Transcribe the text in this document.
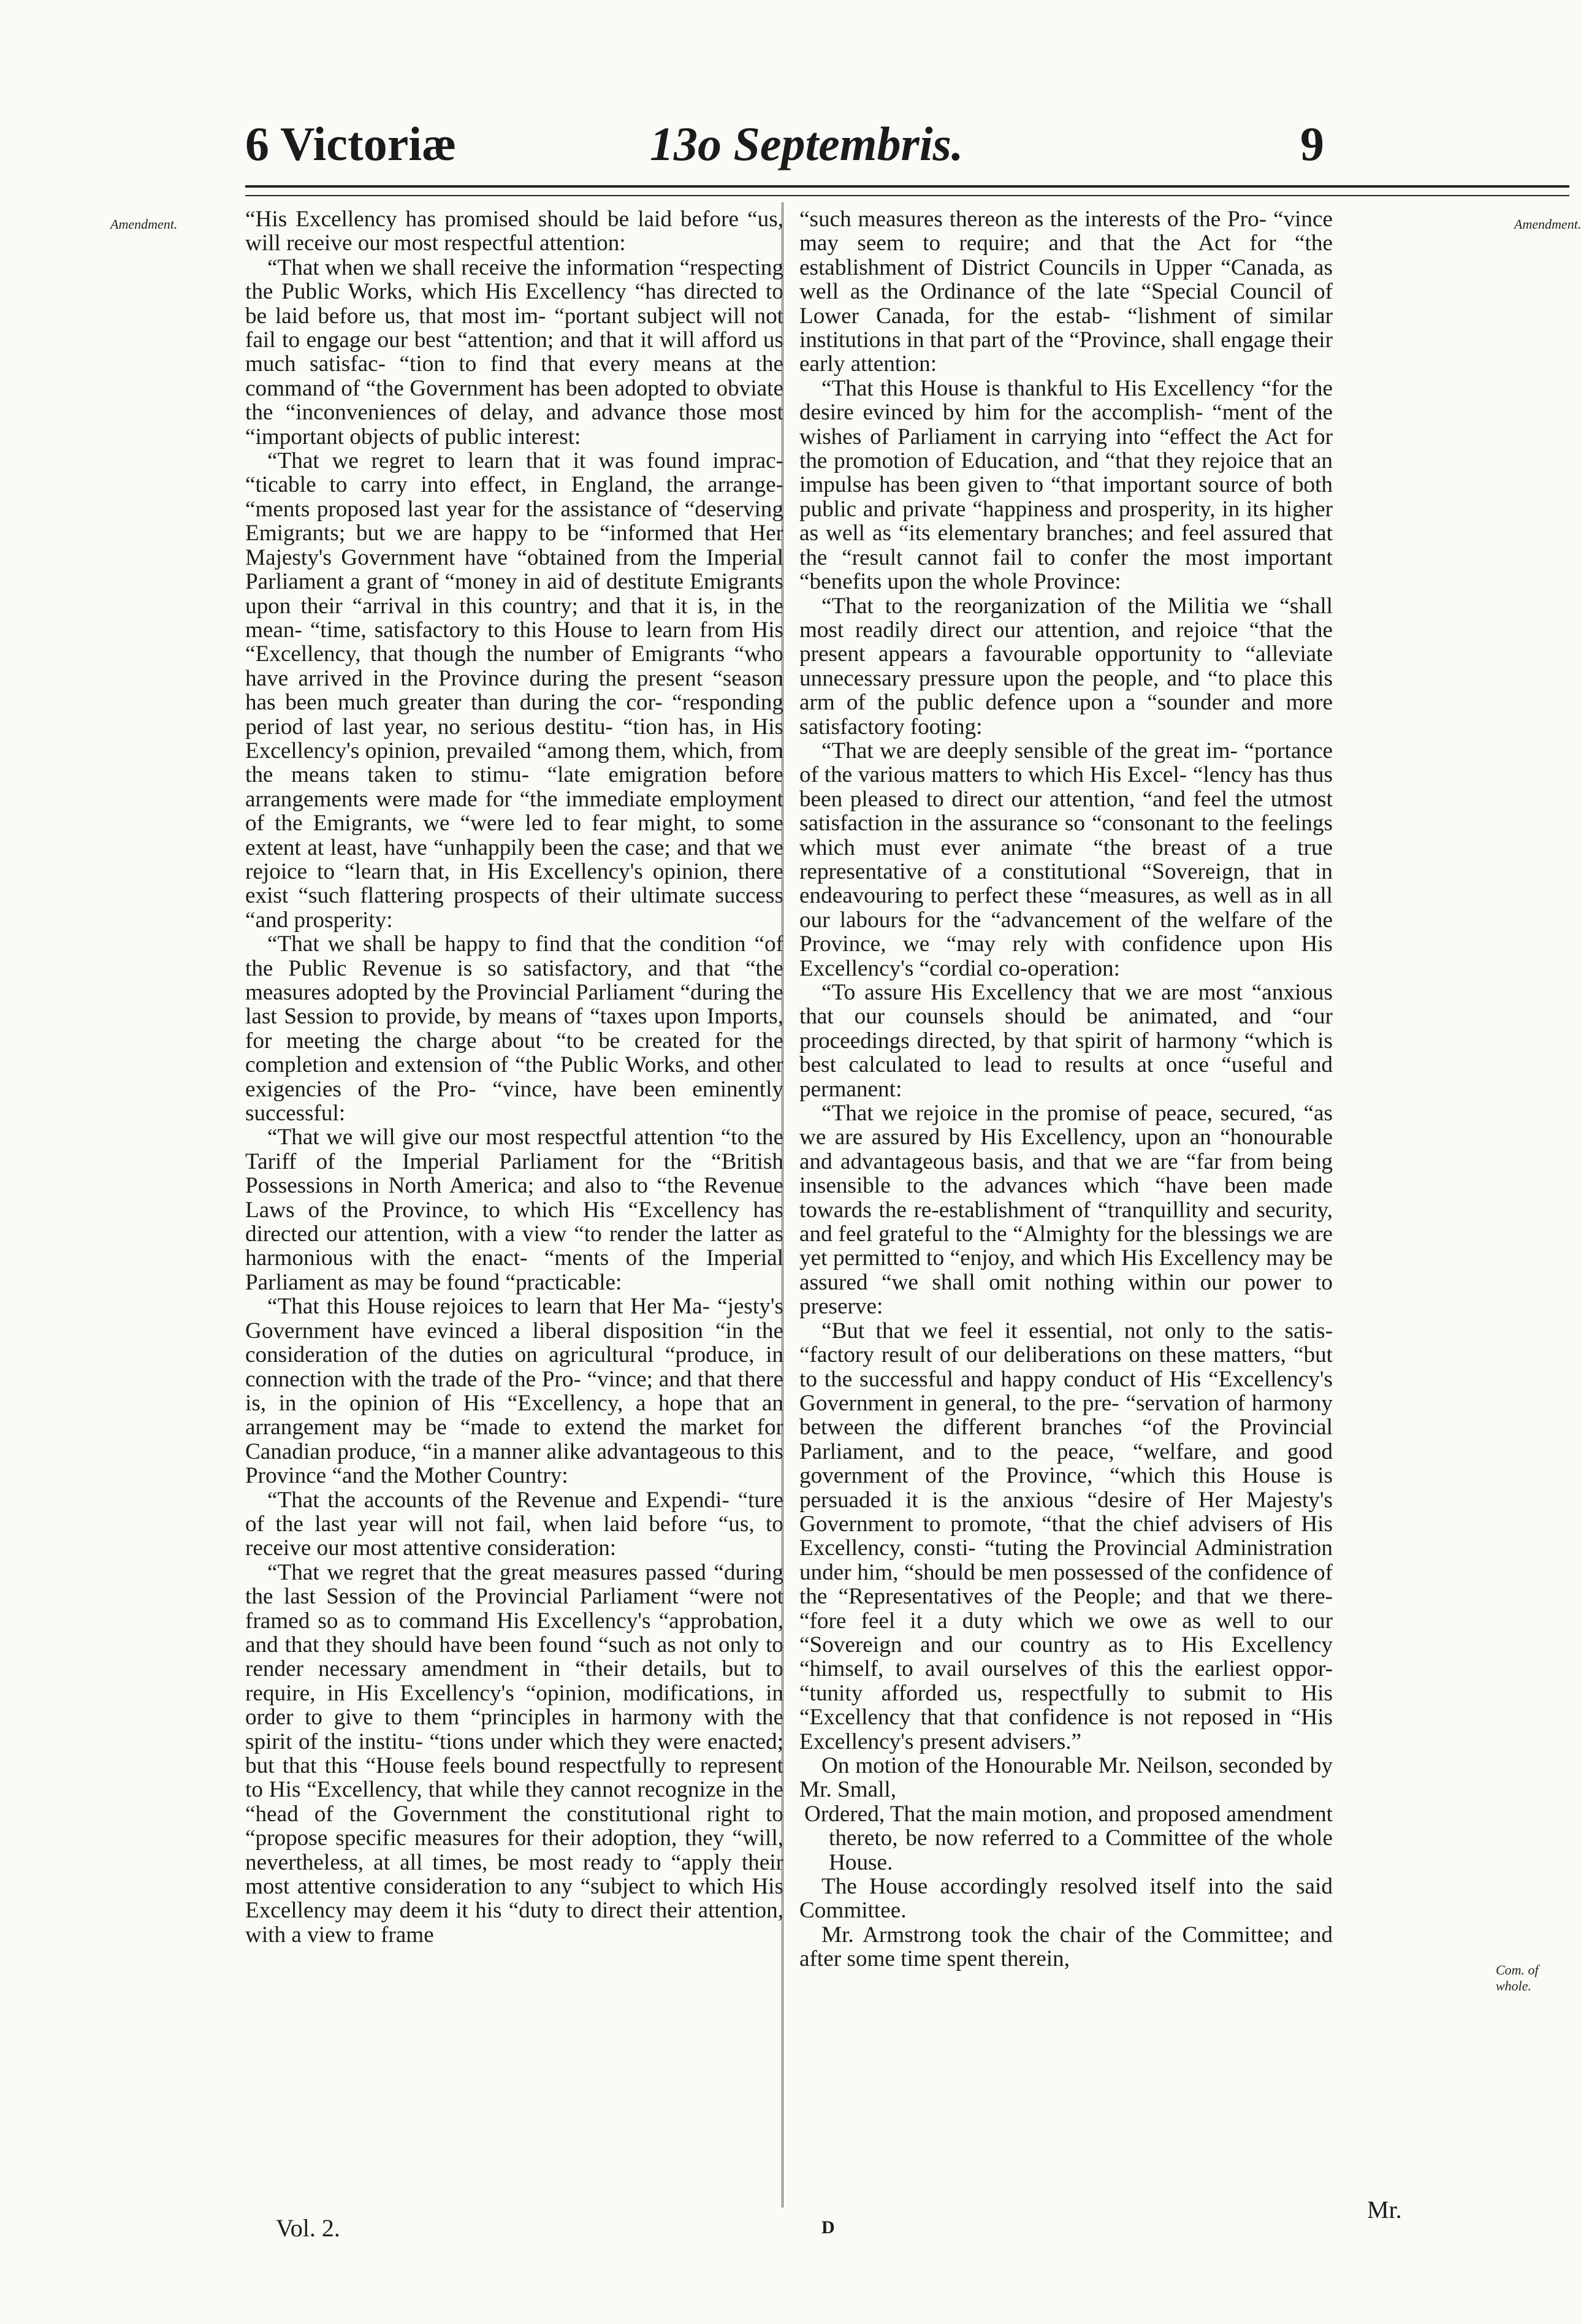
6 Victoriæ	13o Septembris.	9
Amendment.	Amendment.
Com. of whole.

“His Excellency has promised should be laid before “us, will receive our most respectful attention:

“That when we shall receive the information “respecting the Public Works, which His Excellency “has directed to be laid before us, that most im- “portant subject will not fail to engage our best “attention; and that it will afford us much satisfac- “tion to find that every means at the command of “the Government has been adopted to obviate the “inconveniences of delay, and advance those most “important objects of public interest:

“That we regret to learn that it was found imprac- “ticable to carry into effect, in England, the arrange- “ments proposed last year for the assistance of “deserving Emigrants; but we are happy to be “informed that Her Majesty's Government have “obtained from the Imperial Parliament a grant of “money in aid of destitute Emigrants upon their “arrival in this country; and that it is, in the mean- “time, satisfactory to this House to learn from His “Excellency, that though the number of Emigrants “who have arrived in the Province during the present “season has been much greater than during the cor- “responding period of last year, no serious destitu- “tion has, in His Excellency's opinion, prevailed “among them, which, from the means taken to stimu- “late emigration before arrangements were made for “the immediate employment of the Emigrants, we “were led to fear might, to some extent at least, have “unhappily been the case; and that we rejoice to “learn that, in His Excellency's opinion, there exist “such flattering prospects of their ultimate success “and prosperity:

“That we shall be happy to find that the condition “of the Public Revenue is so satisfactory, and that “the measures adopted by the Provincial Parliament “during the last Session to provide, by means of “taxes upon Imports, for meeting the charge about “to be created for the completion and extension of “the Public Works, and other exigencies of the Pro- “vince, have been eminently successful:

“That we will give our most respectful attention “to the Tariff of the Imperial Parliament for the “British Possessions in North America; and also to “the Revenue Laws of the Province, to which His “Excellency has directed our attention, with a view “to render the latter as harmonious with the enact- “ments of the Imperial Parliament as may be found “practicable:

“That this House rejoices to learn that Her Ma- “jesty's Government have evinced a liberal disposition “in the consideration of the duties on agricultural “produce, in connection with the trade of the Pro- “vince; and that there is, in the opinion of His “Excellency, a hope that an arrangement may be “made to extend the market for Canadian produce, “in a manner alike advantageous to this Province “and the Mother Country:

“That the accounts of the Revenue and Expendi- “ture of the last year will not fail, when laid before “us, to receive our most attentive consideration:

“That we regret that the great measures passed “during the last Session of the Provincial Parliament “were not framed so as to command His Excellency's “approbation, and that they should have been found “such as not only to render necessary amendment in “their details, but to require, in His Excellency's “opinion, modifications, in order to give to them “principles in harmony with the spirit of the institu- “tions under which they were enacted; but that this “House feels bound respectfully to represent to His “Excellency, that while they cannot recognize in the “head of the Government the constitutional right to “propose specific measures for their adoption, they “will, nevertheless, at all times, be most ready to “apply their most attentive consideration to any “subject to which His Excellency may deem it his “duty to direct their attention, with a view to frame

“such measures thereon as the interests of the Pro- “vince may seem to require; and that the Act for “the establishment of District Councils in Upper “Canada, as well as the Ordinance of the late “Special Council of Lower Canada, for the estab- “lishment of similar institutions in that part of the “Province, shall engage their early attention:

“That this House is thankful to His Excellency “for the desire evinced by him for the accomplish- “ment of the wishes of Parliament in carrying into “effect the Act for the promotion of Education, and “that they rejoice that an impulse has been given to “that important source of both public and private “happiness and prosperity, in its higher as well as “its elementary branches; and feel assured that the “result cannot fail to confer the most important “benefits upon the whole Province:

“That to the reorganization of the Militia we “shall most readily direct our attention, and rejoice “that the present appears a favourable opportunity to “alleviate unnecessary pressure upon the people, and “to place this arm of the public defence upon a “sounder and more satisfactory footing:

“That we are deeply sensible of the great im- “portance of the various matters to which His Excel- “lency has thus been pleased to direct our attention, “and feel the utmost satisfaction in the assurance so “consonant to the feelings which must ever animate “the breast of a true representative of a constitutional “Sovereign, that in endeavouring to perfect these “measures, as well as in all our labours for the “advancement of the welfare of the Province, we “may rely with confidence upon His Excellency's “cordial co-operation:

“To assure His Excellency that we are most “anxious that our counsels should be animated, and “our proceedings directed, by that spirit of harmony “which is best calculated to lead to results at once “useful and permanent:

“That we rejoice in the promise of peace, secured, “as we are assured by His Excellency, upon an “honourable and advantageous basis, and that we are “far from being insensible to the advances which “have been made towards the re-establishment of “tranquillity and security, and feel grateful to the “Almighty for the blessings we are yet permitted to “enjoy, and which His Excellency may be assured “we shall omit nothing within our power to preserve:

“But that we feel it essential, not only to the satis- “factory result of our deliberations on these matters, “but to the successful and happy conduct of His “Excellency's Government in general, to the pre- “servation of harmony between the different branches “of the Provincial Parliament, and to the peace, “welfare, and good government of the Province, “which this House is persuaded it is the anxious “desire of Her Majesty's Government to promote, “that the chief advisers of His Excellency, consti- “tuting the Provincial Administration under him, “should be men possessed of the confidence of the “Representatives of the People; and that we there- “fore feel it a duty which we owe as well to our “Sovereign and our country as to His Excellency “himself, to avail ourselves of this the earliest oppor- “tunity afforded us, respectfully to submit to His “Excellency that that confidence is not reposed in “His Excellency's present advisers.”

On motion of the Honourable Mr. Neilson, seconded by Mr. Small,

Ordered, That the main motion, and proposed amendment thereto, be now referred to a Committee of the whole House.

The House accordingly resolved itself into the said Committee.

Mr. Armstrong took the chair of the Committee; and after some time spent therein,

Vol. 2.	D
Mr.
